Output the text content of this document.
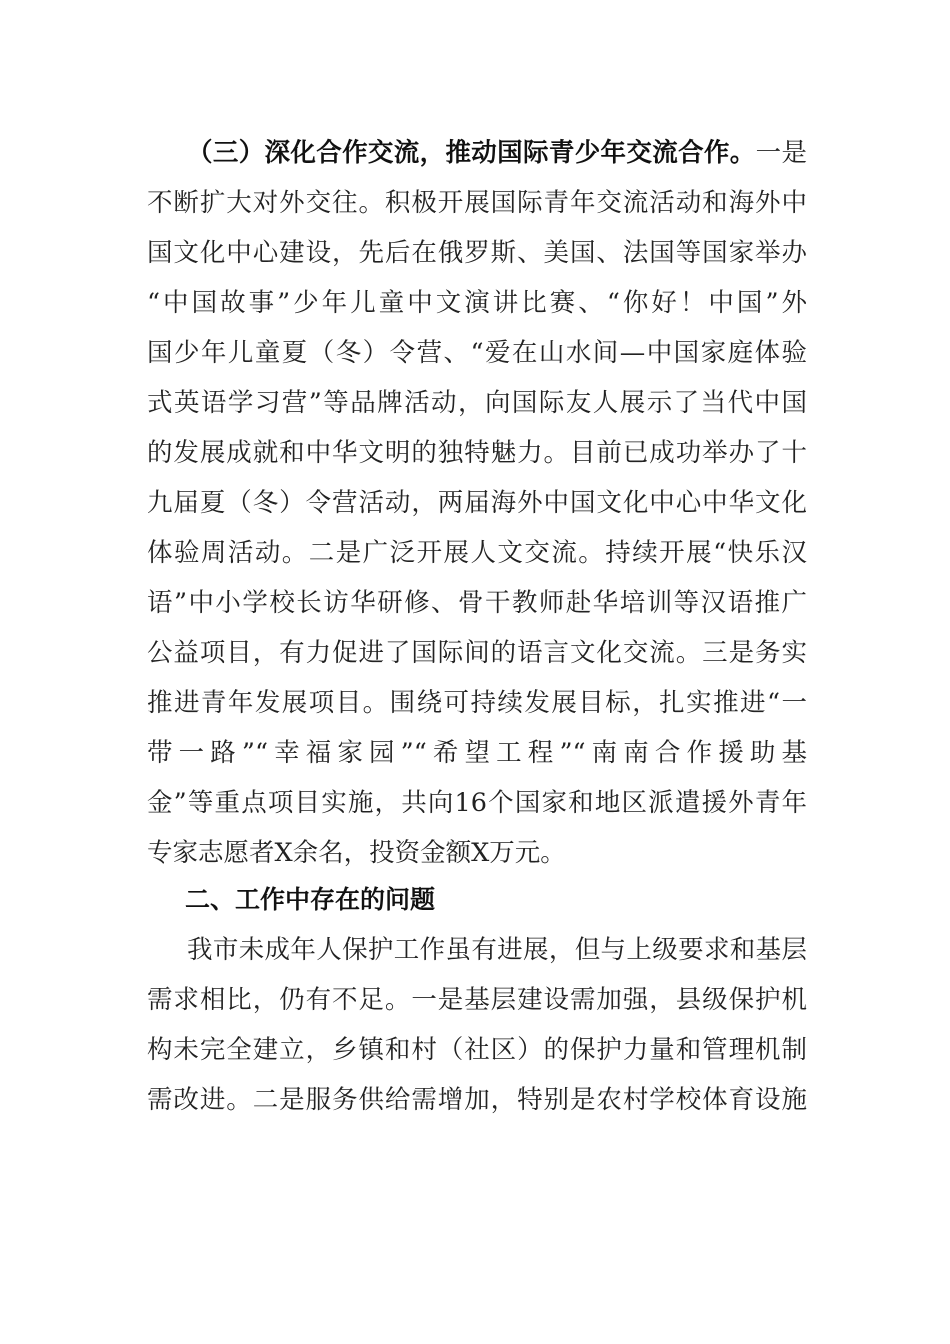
（三）深化合作交流，推动国际青少年交流合作。一是
不断扩大对外交往。积极开展国际青年交流活动和海外中
国文化中心建设，先后在俄罗斯、美国、法国等国家举办
“中国故事”少年儿童中文演讲比赛、“你好！中国”外
国少年儿童夏（冬）令营、“爱在山水间—中国家庭体验
式英语学习营”等品牌活动，向国际友人展示了当代中国
的发展成就和中华文明的独特魅力。目前已成功举办了十
九届夏（冬）令营活动，两届海外中国文化中心中华文化
体验周活动。二是广泛开展人文交流。持续开展“快乐汉
语”中小学校长访华研修、骨干教师赴华培训等汉语推广
公益项目，有力促进了国际间的语言文化交流。三是务实
推进青年发展项目。围绕可持续发展目标，扎实推进“一
带一路”“幸福家园”“希望工程”“南南合作援助基
金”等重点项目实施，共向16个国家和地区派遣援外青年
专家志愿者X余名，投资金额X万元。
二、工作中存在的问题
我市未成年人保护工作虽有进展，但与上级要求和基层
需求相比，仍有不足。一是基层建设需加强，县级保护机
构未完全建立，乡镇和村（社区）的保护力量和管理机制
需改进。二是服务供给需增加，特别是农村学校体育设施
